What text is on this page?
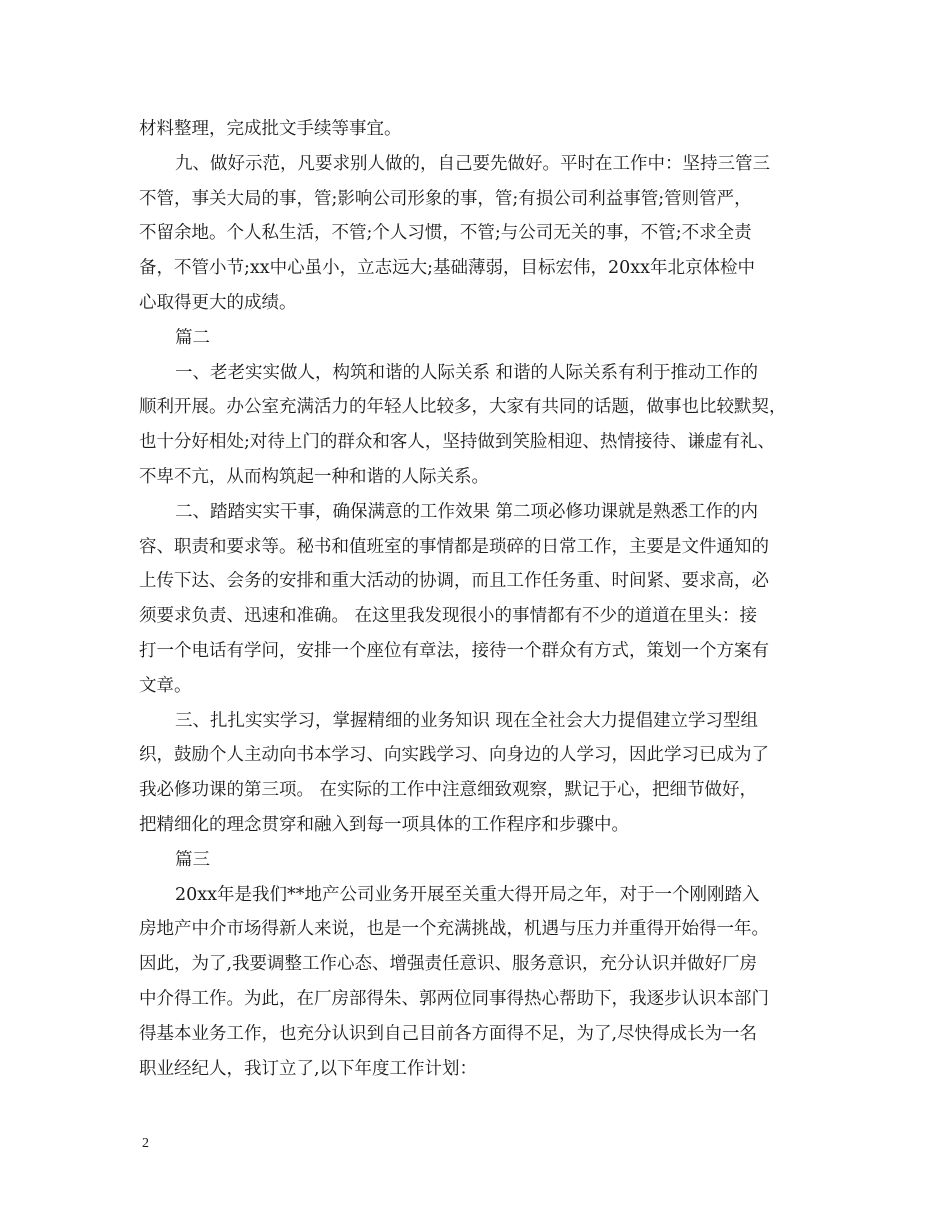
材料整理，完成批文手续等事宜。
九、做好示范，凡要求别人做的，自己要先做好。平时在工作中：坚持三管三
不管，事关大局的事，管;影响公司形象的事，管;有损公司利益事管;管则管严，
不留余地。个人私生活，不管;个人习惯，不管;与公司无关的事，不管;不求全责
备，不管小节;xx中心虽小，立志远大;基础薄弱，目标宏伟，20xx年北京体检中
心取得更大的成绩。
篇二
一、老老实实做人，构筑和谐的人际关系 和谐的人际关系有利于推动工作的
顺利开展。办公室充满活力的年轻人比较多，大家有共同的话题，做事也比较默契，
也十分好相处;对待上门的群众和客人，坚持做到笑脸相迎、热情接待、谦虚有礼、
不卑不亢，从而构筑起一种和谐的人际关系。
二、踏踏实实干事，确保满意的工作效果 第二项必修功课就是熟悉工作的内
容、职责和要求等。秘书和值班室的事情都是琐碎的日常工作，主要是文件通知的
上传下达、会务的安排和重大活动的协调，而且工作任务重、时间紧、要求高，必
须要求负责、迅速和准确。 在这里我发现很小的事情都有不少的道道在里头：接
打一个电话有学问，安排一个座位有章法，接待一个群众有方式，策划一个方案有
文章。
三、扎扎实实学习，掌握精细的业务知识 现在全社会大力提倡建立学习型组
织，鼓励个人主动向书本学习、向实践学习、向身边的人学习，因此学习已成为了
我必修功课的第三项。 在实际的工作中注意细致观察，默记于心，把细节做好，
把精细化的理念贯穿和融入到每一项具体的工作程序和步骤中。
篇三
20xx年是我们**地产公司业务开展至关重大得开局之年，对于一个刚刚踏入
房地产中介市场得新人来说，也是一个充满挑战，机遇与压力并重得开始得一年。
因此，为了,我要调整工作心态、增强责任意识、服务意识，充分认识并做好厂房
中介得工作。为此，在厂房部得朱、郭两位同事得热心帮助下，我逐步认识本部门
得基本业务工作，也充分认识到自己目前各方面得不足，为了,尽快得成长为一名
职业经纪人，我订立了,以下年度工作计划：
2
